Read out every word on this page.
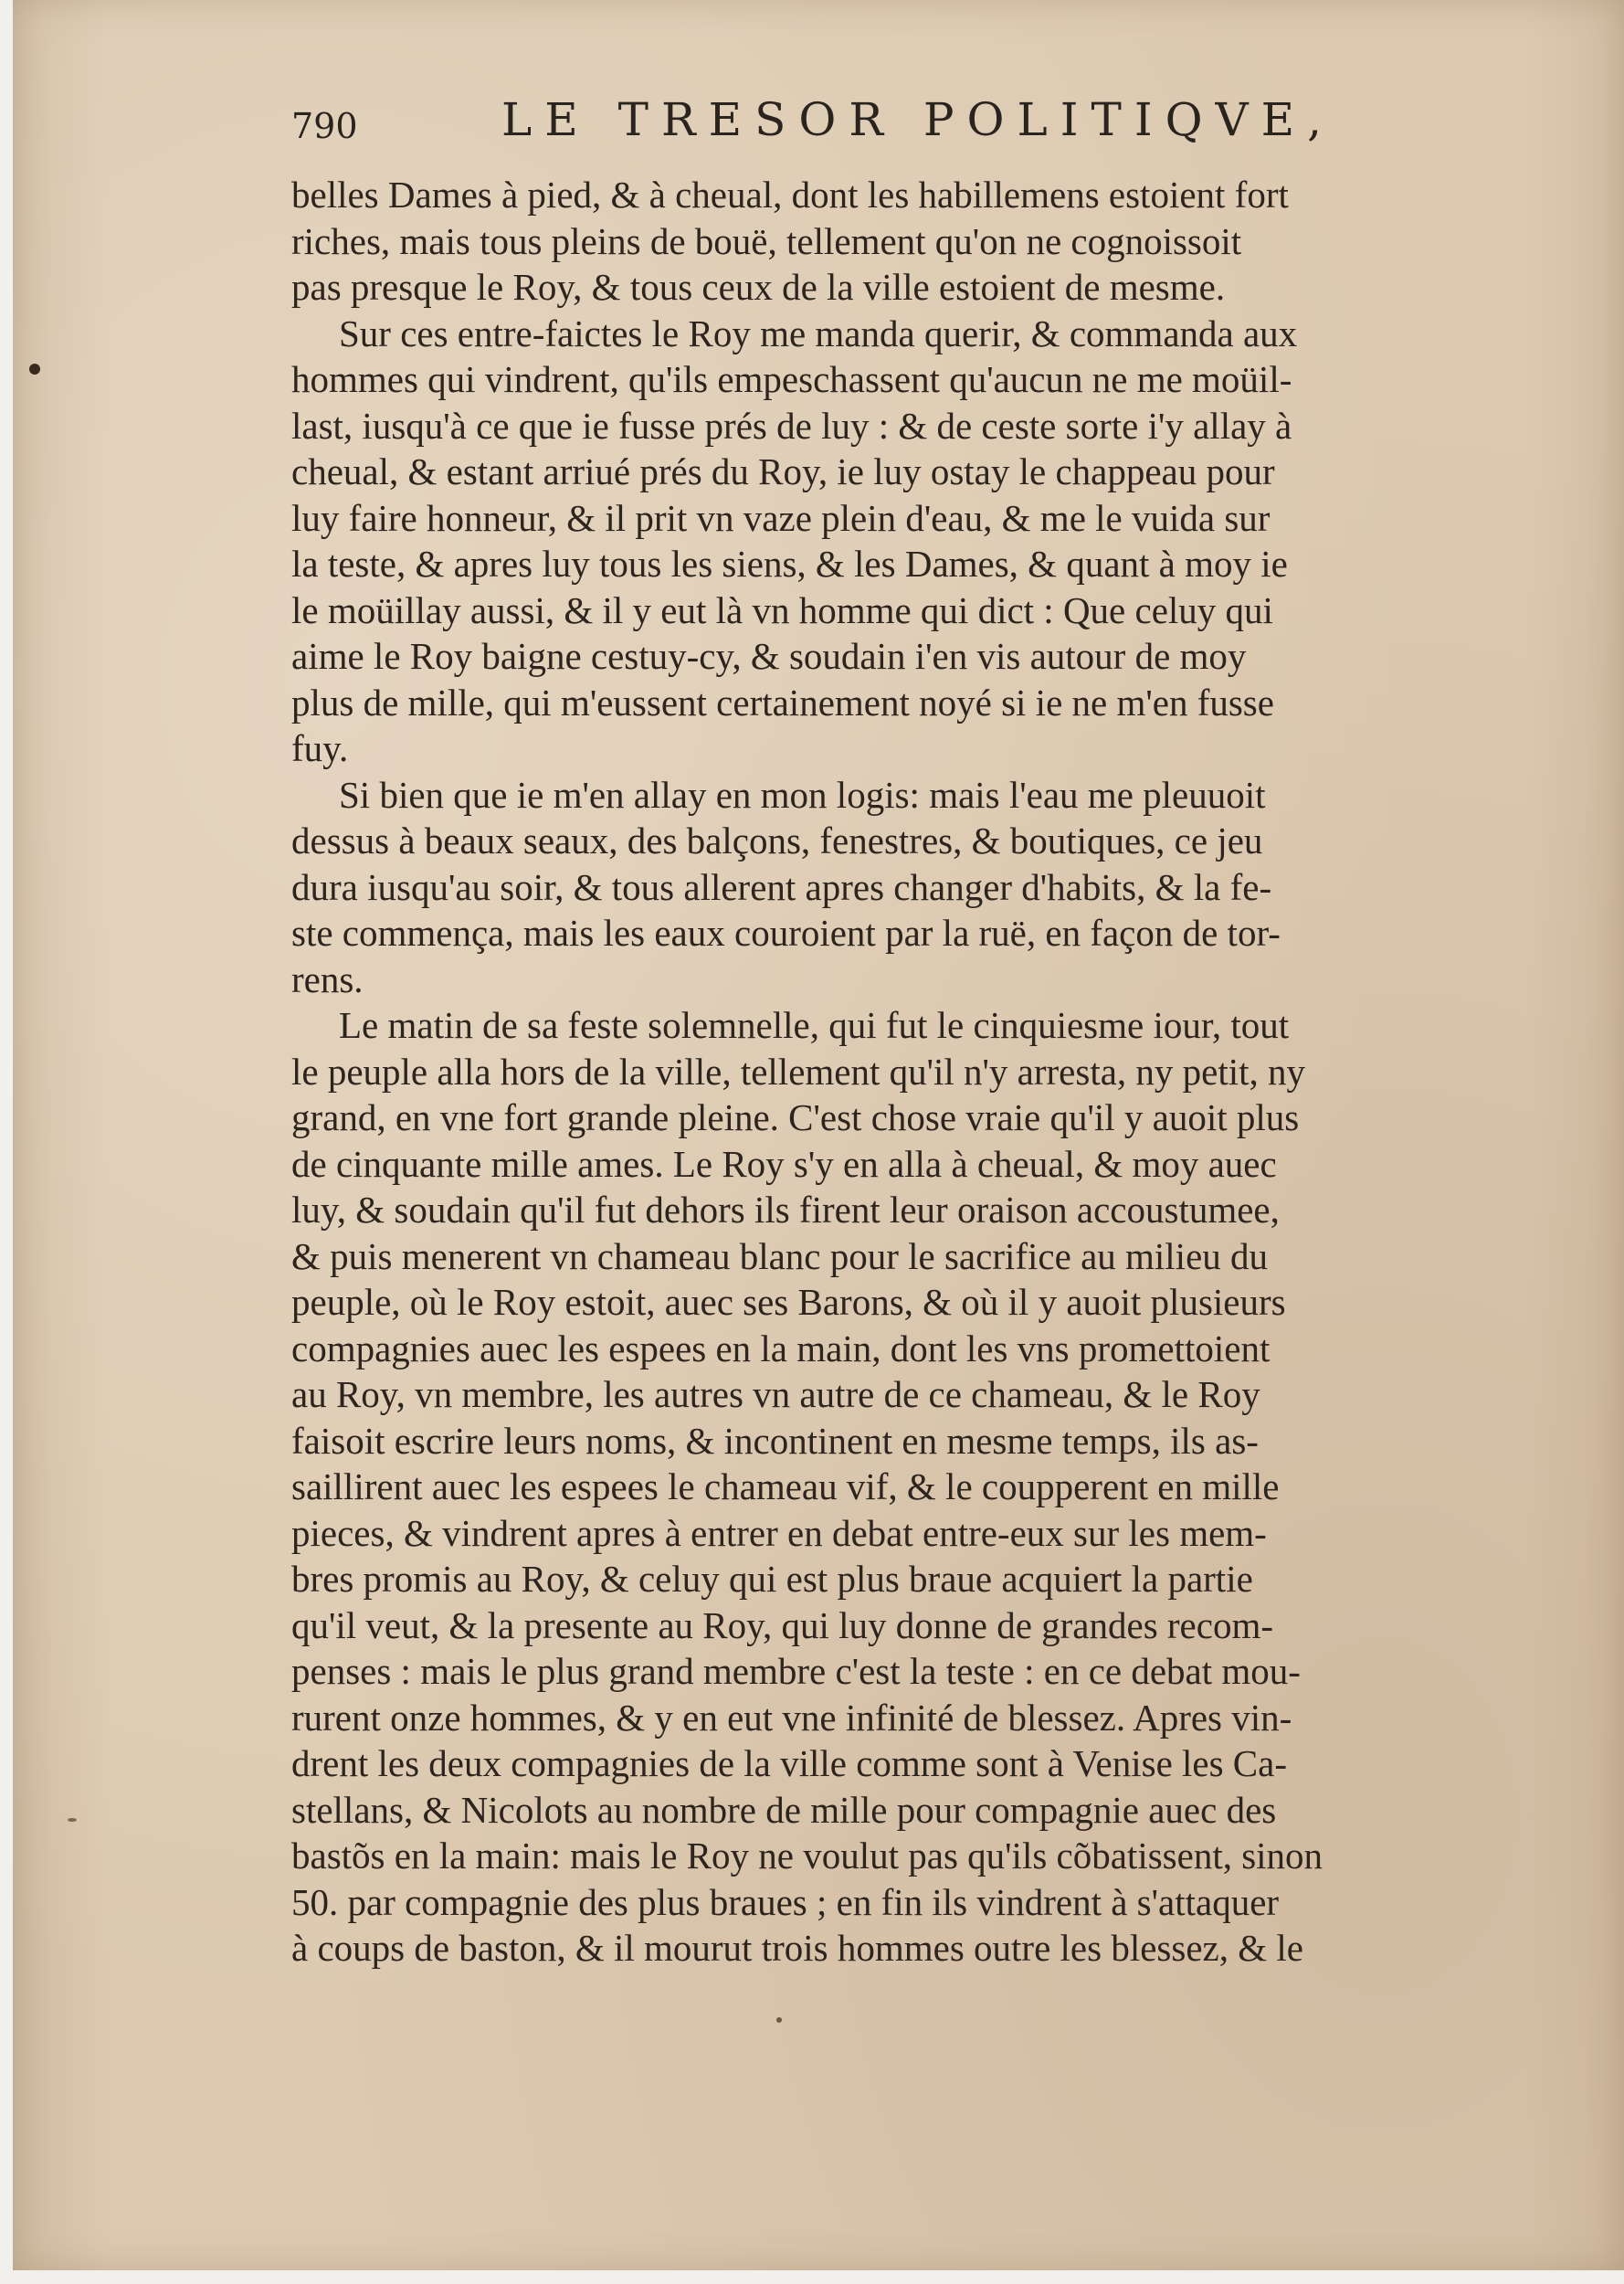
790	LE TRESOR POLITIQVE,
belles Dames à pied, & à cheual, dont les habillemens estoient fort
riches, mais tous pleins de bouë, tellement qu'on ne cognoissoit
pas presque le Roy, & tous ceux de la ville estoient de mesme.
Sur ces entre-faictes le Roy me manda querir, & commanda aux
hommes qui vindrent, qu'ils empeschassent qu'aucun ne me moüil-
last, iusqu'à ce que ie fusse prés de luy : & de ceste sorte i'y allay à
cheual, & estant arriué prés du Roy, ie luy ostay le chappeau pour
luy faire honneur, & il prit vn vaze plein d'eau, & me le vuida sur
la teste, & apres luy tous les siens, & les Dames, & quant à moy ie
le moüillay aussi, & il y eut là vn homme qui dict : Que celuy qui
aime le Roy baigne cestuy-cy, & soudain i'en vis autour de moy
plus de mille, qui m'eussent certainement noyé si ie ne m'en fusse
fuy.
Si bien que ie m'en allay en mon logis: mais l'eau me pleuuoit
dessus à beaux seaux, des balçons, fenestres, & boutiques, ce jeu
dura iusqu'au soir, & tous allerent apres changer d'habits, & la fe-
ste commença, mais les eaux couroient par la ruë, en façon de tor-
rens.
Le matin de sa feste solemnelle, qui fut le cinquiesme iour, tout
le peuple alla hors de la ville, tellement qu'il n'y arresta, ny petit, ny
grand, en vne fort grande pleine. C'est chose vraie qu'il y auoit plus
de cinquante mille ames. Le Roy s'y en alla à cheual, & moy auec
luy, & soudain qu'il fut dehors ils firent leur oraison accoustumee,
& puis menerent vn chameau blanc pour le sacrifice au milieu du
peuple, où le Roy estoit, auec ses Barons, & où il y auoit plusieurs
compagnies auec les espees en la main, dont les vns promettoient
au Roy, vn membre, les autres vn autre de ce chameau, & le Roy
faisoit escrire leurs noms, & incontinent en mesme temps, ils as-
saillirent auec les espees le chameau vif, & le coupperent en mille
pieces, & vindrent apres à entrer en debat entre-eux sur les mem-
bres promis au Roy, & celuy qui est plus braue acquiert la partie
qu'il veut, & la presente au Roy, qui luy donne de grandes recom-
penses : mais le plus grand membre c'est la teste : en ce debat mou-
rurent onze hommes, & y en eut vne infinité de blessez. Apres vin-
drent les deux compagnies de la ville comme sont à Venise les Ca-
stellans, & Nicolots au nombre de mille pour compagnie auec des
bastõs en la main: mais le Roy ne voulut pas qu'ils cõbatissent, sinon
50. par compagnie des plus braues ; en fin ils vindrent à s'attaquer
à coups de baston, & il mourut trois hommes outre les blessez, & le
